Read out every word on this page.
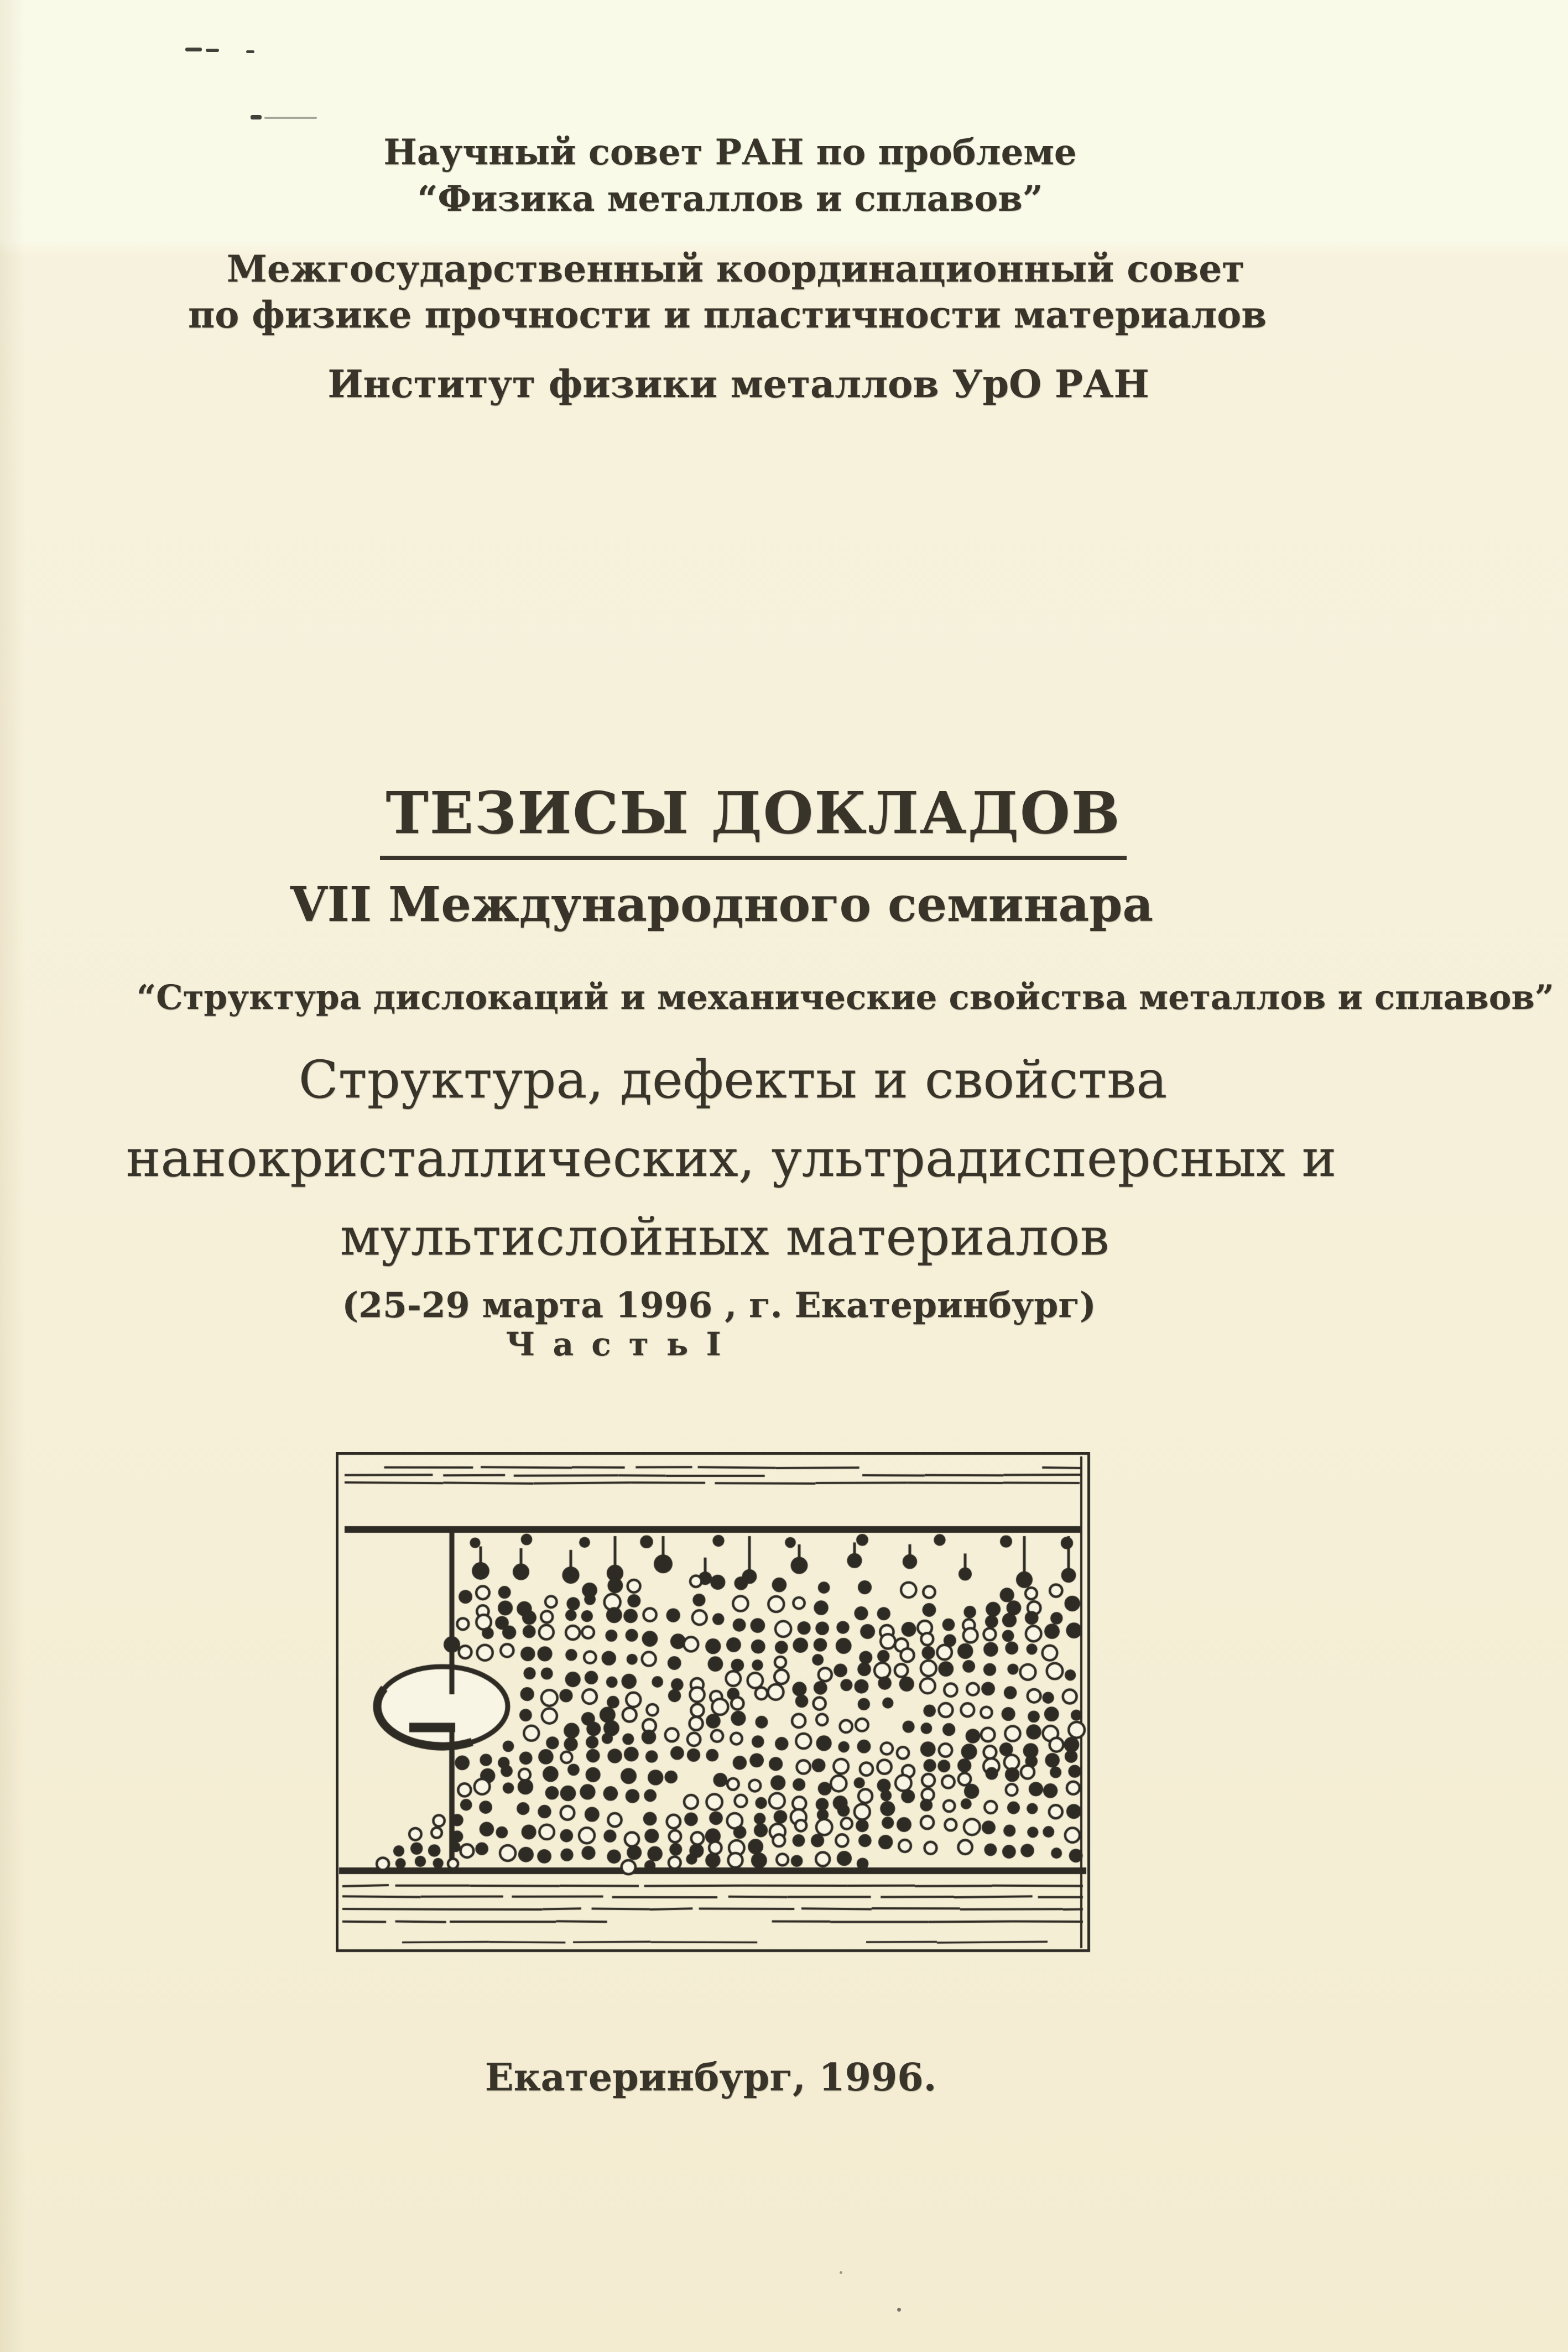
Научный совет РАН по проблеме
“Физика металлов и сплавов”
Межгосударственный координационный совет
по физике прочности и пластичности материалов
Институт физики металлов УрО РАН
ТЕЗИСЫ ДОКЛАДОВ
VII Международного семинара
“Структура дислокаций и механические свойства металлов и сплавов”
Структура, дефекты и свойства
нанокристаллических, ультрадисперсных и
мультислойных материалов
(25-29 марта 1996 , г. Екатеринбург)
Ч а с т ь I
Екатеринбург, 1996.
